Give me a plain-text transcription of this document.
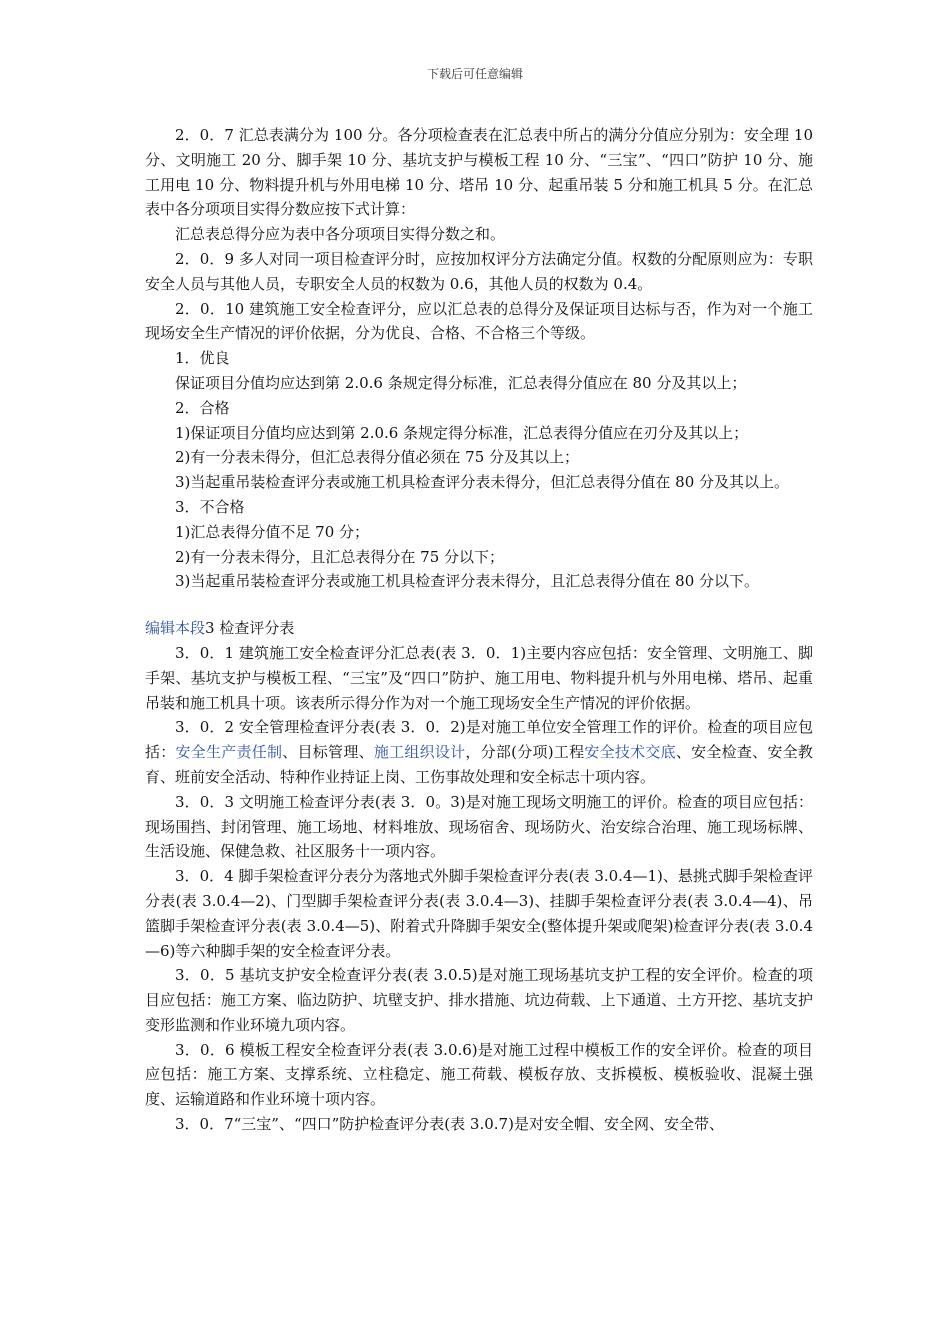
下载后可任意编辑

2．0．7 汇总表满分为 100 分。各分项检查表在汇总表中所占的满分分值应分别为：安全理 10 分、文明施工 20 分、脚手架 10 分、基坑支护与模板工程 10 分、“三宝”、“四口”防护 10 分、施工用电 10 分、物料提升机与外用电梯 10 分、塔吊 10 分、起重吊装 5 分和施工机具 5 分。在汇总表中各分项项目实得分数应按下式计算：

汇总表总得分应为表中各分项项目实得分数之和。

2．0．9 多人对同一项目检查评分时，应按加权评分方法确定分值。权数的分配原则应为：专职安全人员与其他人员，专职安全人员的权数为 0.6，其他人员的权数为 0.4。

2．0．10 建筑施工安全检查评分，应以汇总表的总得分及保证项目达标与否，作为对一个施工现场安全生产情况的评价依据，分为优良、合格、不合格三个等级。

1．优良

保证项目分值均应达到第 2.0.6 条规定得分标准，汇总表得分值应在 80 分及其以上；

2．合格

1)保证项目分值均应达到第 2.0.6 条规定得分标准，汇总表得分值应在刃分及其以上；

2)有一分表未得分，但汇总表得分值必须在 75 分及其以上；

3)当起重吊装检查评分表或施工机具检查评分表未得分，但汇总表得分值在 80 分及其以上。

3．不合格

1)汇总表得分值不足 70 分；

2)有一分表未得分，且汇总表得分在 75 分以下；

3)当起重吊装检查评分表或施工机具检查评分表未得分，且汇总表得分值在 80 分以下。

编辑本段3 检查评分表

3．0．1 建筑施工安全检查评分汇总表(表 3．0．1)主要内容应包括：安全管理、文明施工、脚手架、基坑支护与模板工程、“三宝”及“四口”防护、施工用电、物料提升机与外用电梯、塔吊、起重吊装和施工机具十项。该表所示得分作为对一个施工现场安全生产情况的评价依据。

3．0．2 安全管理检查评分表(表 3．0．2)是对施工单位安全管理工作的评价。检查的项目应包括：安全生产责任制、目标管理、施工组织设计，分部(分项)工程安全技术交底、安全检查、安全教育、班前安全活动、特种作业持证上岗、工伤事故处理和安全标志十项内容。

3．0．3 文明施工检查评分表(表 3．0。3)是对施工现场文明施工的评价。检查的项目应包括：现场围挡、封闭管理、施工场地、材料堆放、现场宿舍、现场防火、治安综合治理、施工现场标牌、生活设施、保健急救、社区服务十一项内容。

3．0．4 脚手架检查评分表分为落地式外脚手架检查评分表(表 3.0.4—1)、悬挑式脚手架检查评分表(表 3.0.4—2)、门型脚手架检查评分表(表 3.0.4—3)、挂脚手架检查评分表(表 3.0.4—4)、吊篮脚手架检查评分表(表 3.0.4—5)、附着式升降脚手架安全(整体提升架或爬架)检查评分表(表 3.0.4—6)等六种脚手架的安全检查评分表。

3．0．5 基坑支护安全检查评分表(表 3.0.5)是对施工现场基坑支护工程的安全评价。检查的项目应包括：施工方案、临边防护、坑壁支护、排水措施、坑边荷载、上下通道、土方开挖、基坑支护变形监测和作业环境九项内容。

3．0．6 模板工程安全检查评分表(表 3.0.6)是对施工过程中模板工作的安全评价。检查的项目应包括：施工方案、支撑系统、立柱稳定、施工荷载、模板存放、支拆模板、模板验收、混凝土强度、运输道路和作业环境十项内容。

3．0．7“三宝”、“四口”防护检查评分表(表 3.0.7)是对安全帽、安全网、安全带、
